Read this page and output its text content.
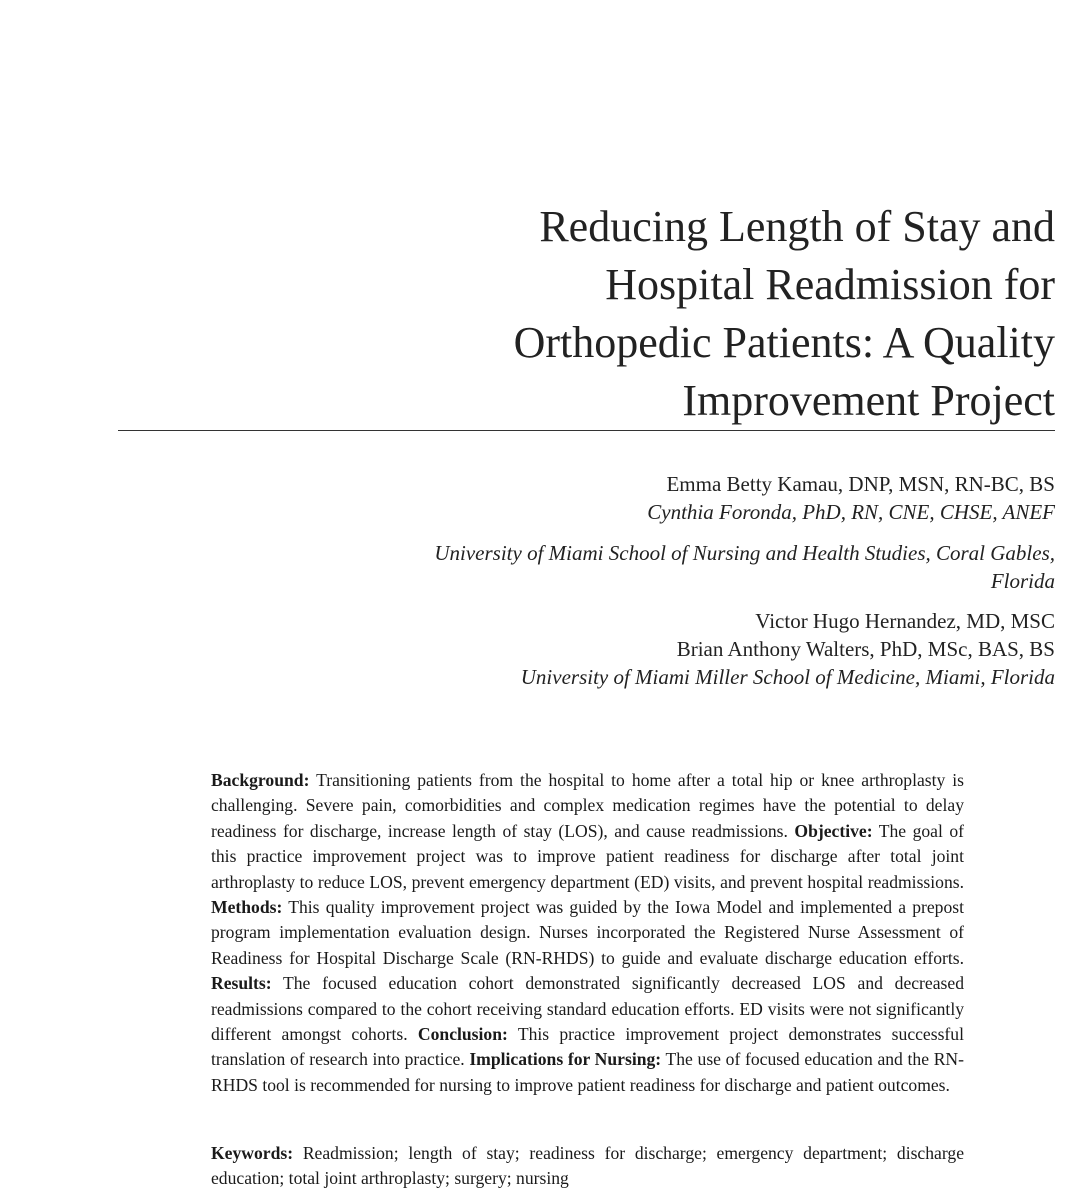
Reducing Length of Stay and
Hospital Readmission for
Orthopedic Patients: A Quality
Improvement Project
Emma Betty Kamau, DNP, MSN, RN-BC, BS
Cynthia Foronda, PhD, RN, CNE, CHSE, ANEF
University of Miami School of Nursing and Health Studies, Coral Gables,
Florida
Victor Hugo Hernandez, MD, MSC
Brian Anthony Walters, PhD, MSc, BAS, BS
University of Miami Miller School of Medicine, Miami, Florida
Background: Transitioning patients from the hospital to home after a total hip or knee arthroplasty is challenging. Severe pain, comorbidities and complex medication regimes have the potential to delay readiness for discharge, increase length of stay (LOS), and cause readmissions. Objective: The goal of this practice improvement project was to improve patient readiness for discharge after total joint arthroplasty to reduce LOS, prevent emergency department (ED) visits, and prevent hospital readmissions. Methods: This quality improvement project was guided by the Iowa Model and implemented a prepost program implementation evaluation design. Nurses incorporated the Registered Nurse Assessment of Readiness for Hospital Discharge Scale (RN-RHDS) to guide and evaluate discharge education efforts. Results: The focused education cohort demonstrated significantly decreased LOS and decreased readmissions compared to the cohort receiving standard education efforts. ED visits were not significantly different amongst cohorts. Conclusion: This practice improvement project demonstrates successful translation of research into practice. Implications for Nursing: The use of focused education and the RN-RHDS tool is recommended for nursing to improve patient readiness for discharge and patient outcomes.
Keywords: Readmission; length of stay; readiness for discharge; emergency department; discharge education; total joint arthroplasty; surgery; nursing
